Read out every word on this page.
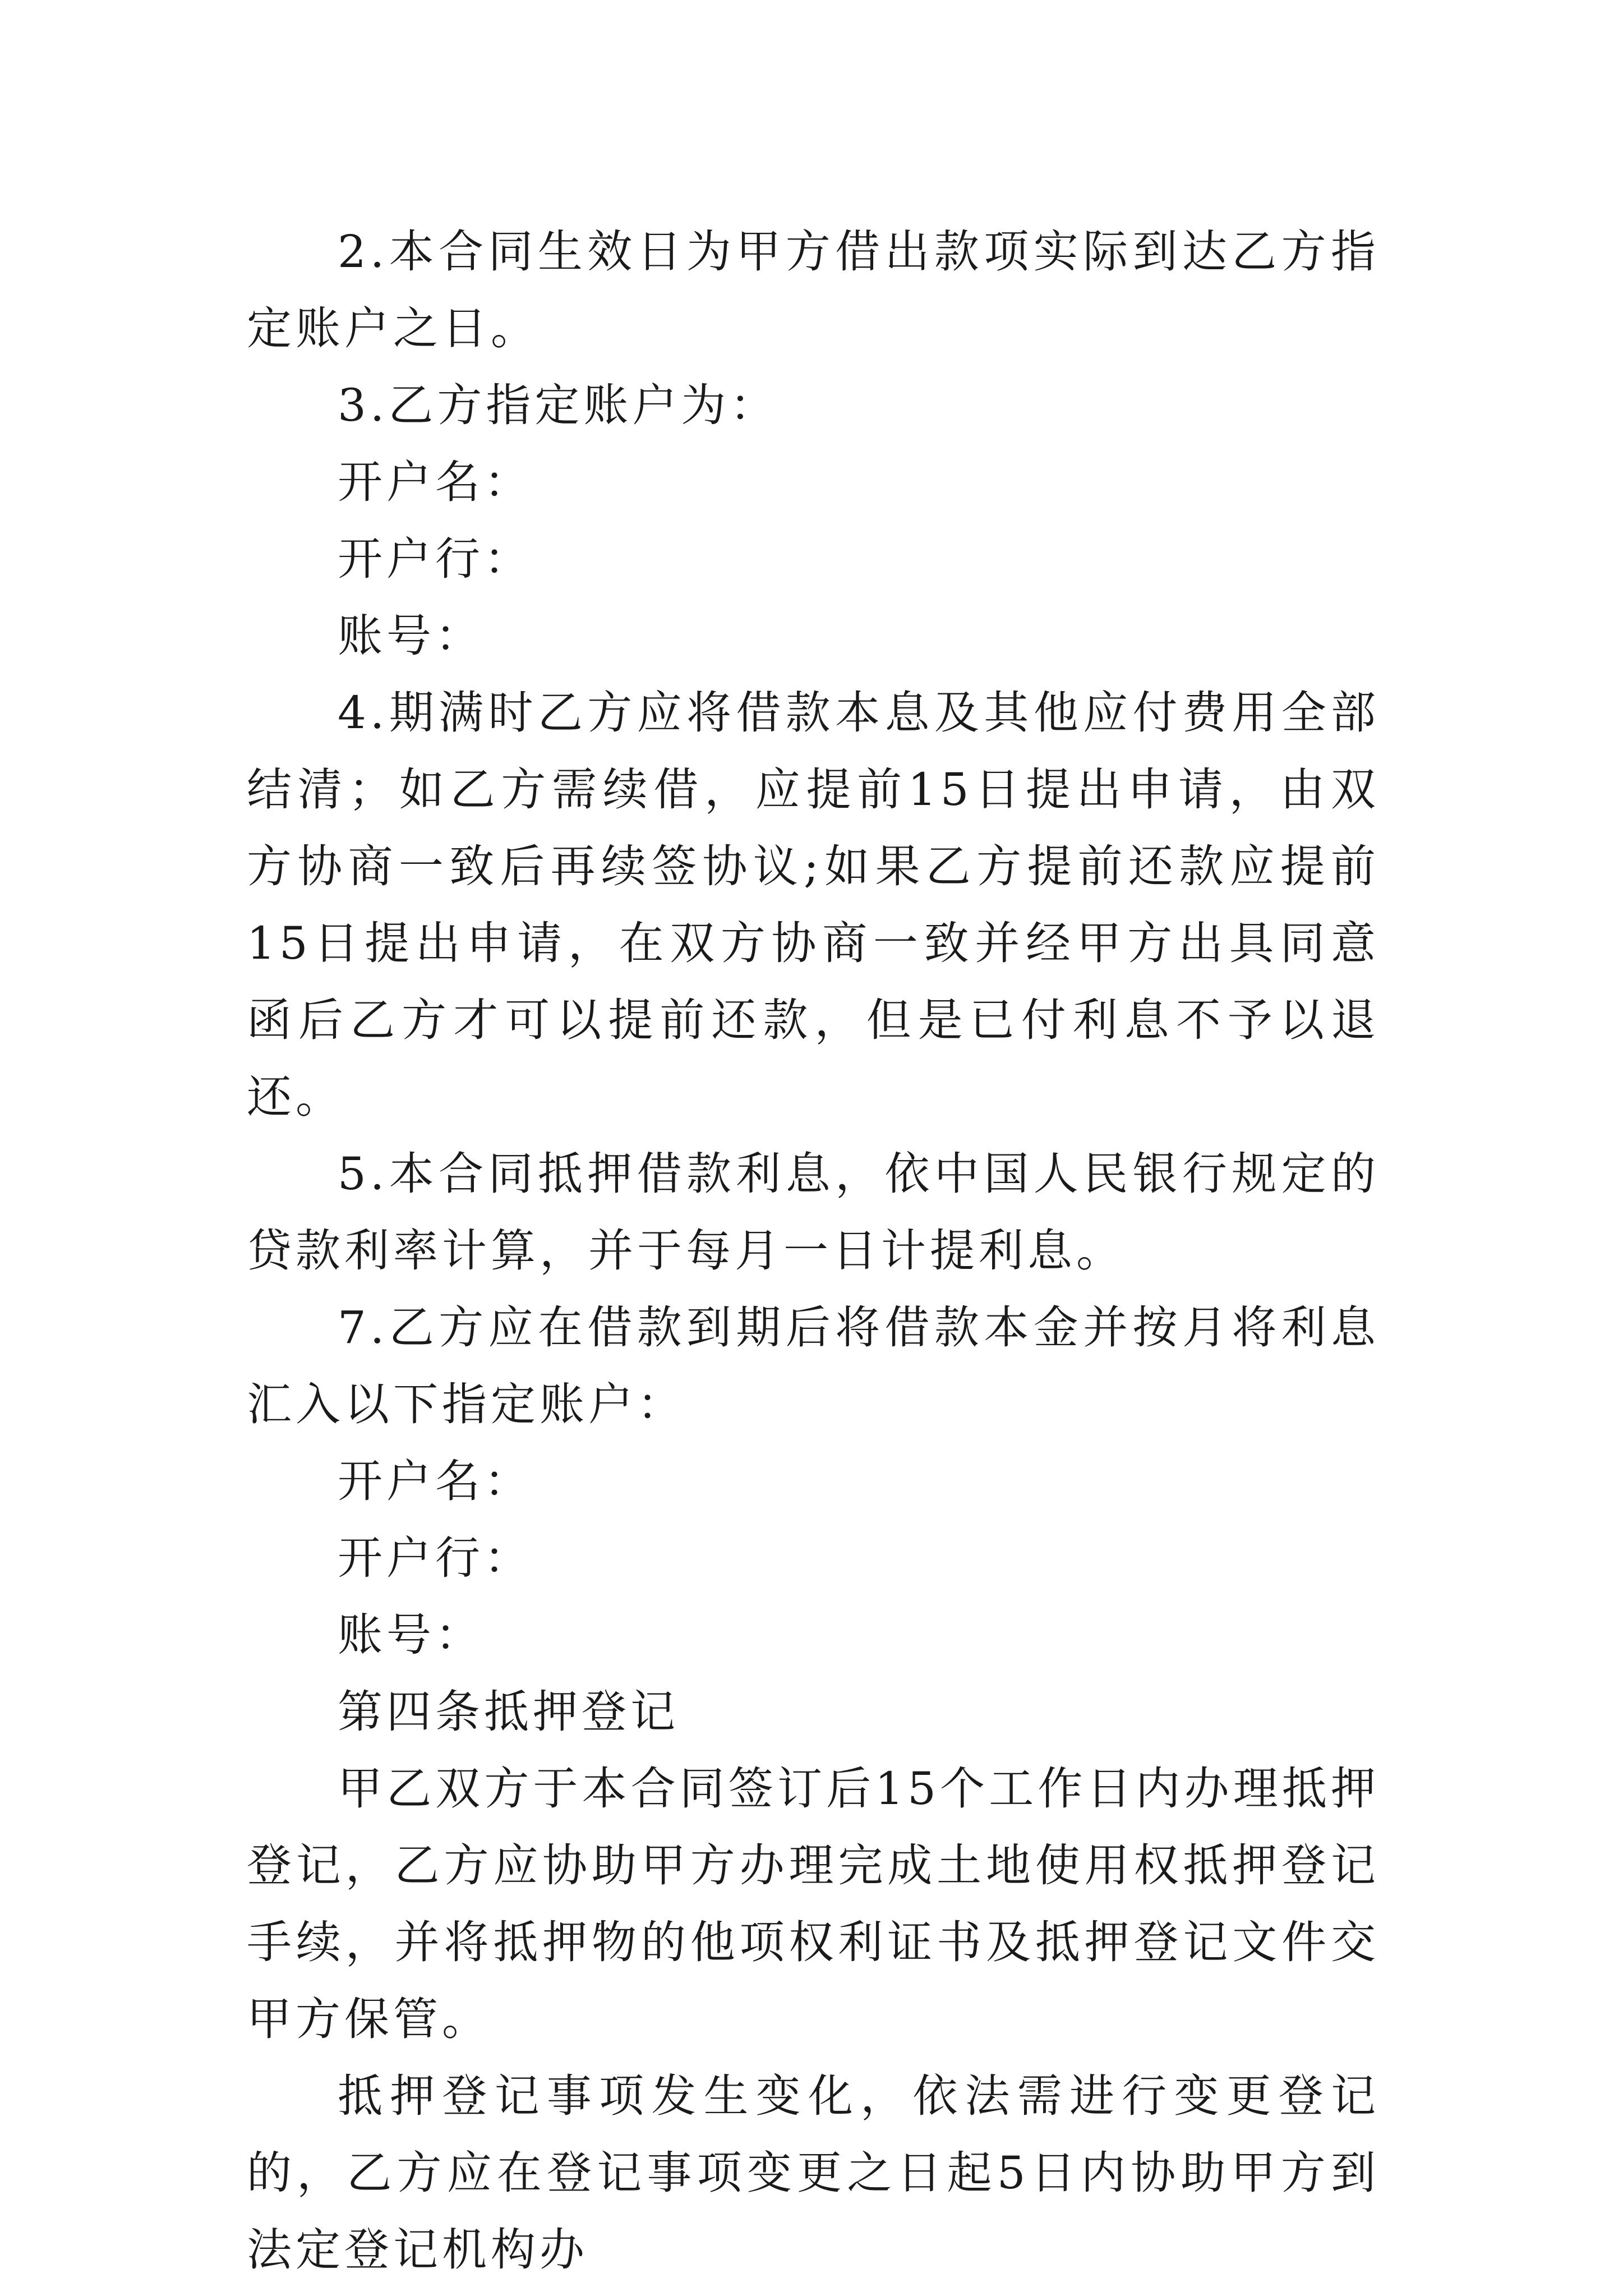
2.本合同生效日为甲方借出款项实际到达乙方指定账户之日。

3.乙方指定账户为：

开户名：

开户行：

账号：

4.期满时乙方应将借款本息及其他应付费用全部结清；如乙方需续借，应提前15日提出申请，由双方协商一致后再续签协议;如果乙方提前还款应提前15日提出申请，在双方协商一致并经甲方出具同意函后乙方才可以提前还款，但是已付利息不予以退还。

5.本合同抵押借款利息，依中国人民银行规定的贷款利率计算，并于每月一日计提利息。

7.乙方应在借款到期后将借款本金并按月将利息汇入以下指定账户：

开户名：

开户行：

账号：

第四条抵押登记

甲乙双方于本合同签订后15个工作日内办理抵押登记，乙方应协助甲方办理完成土地使用权抵押登记手续，并将抵押物的他项权利证书及抵押登记文件交甲方保管。

抵押登记事项发生变化，依法需进行变更登记的，乙方应在登记事项变更之日起5日内协助甲方到法定登记机构办
